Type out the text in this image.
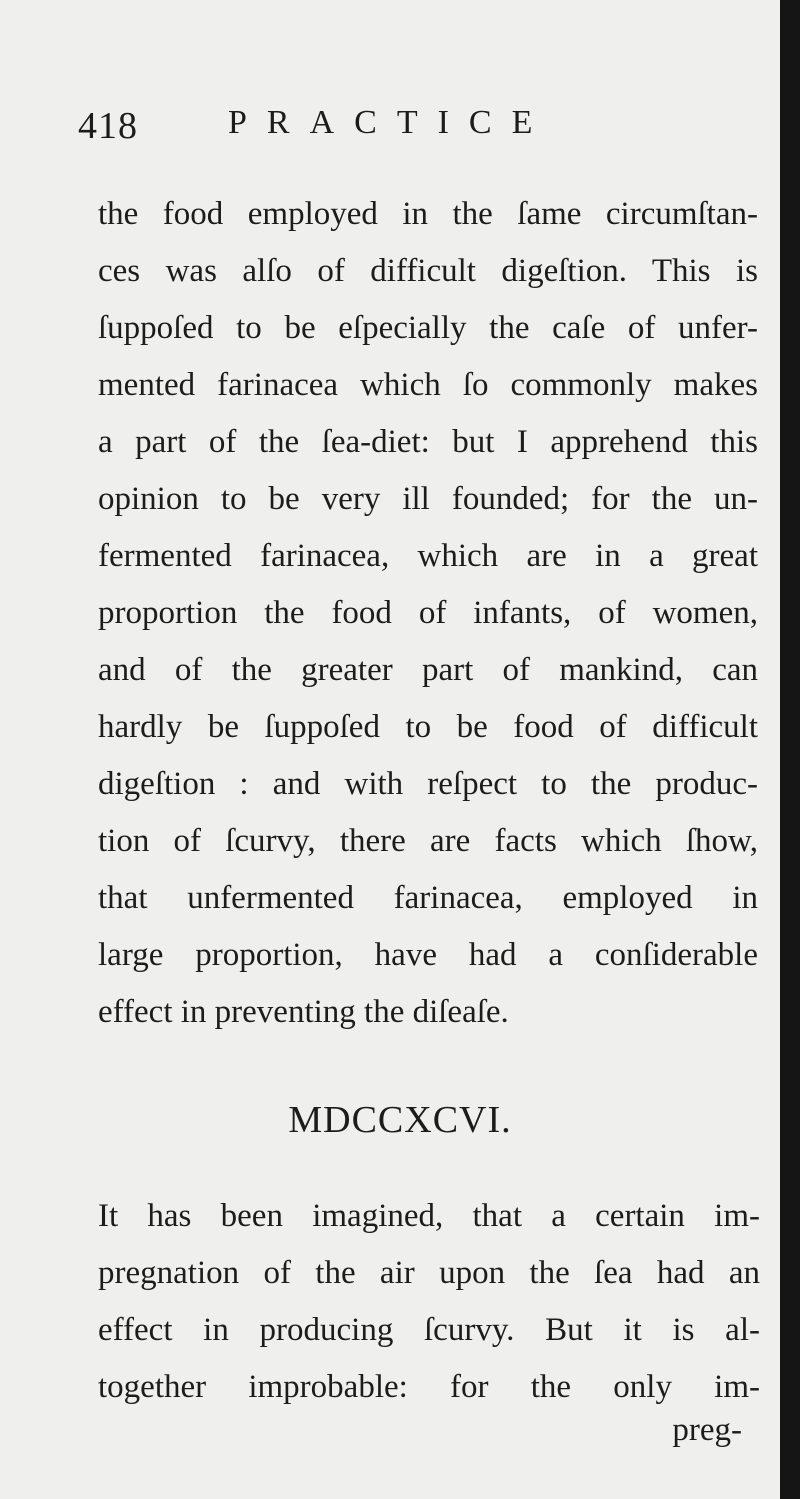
418	PRACTICE
the food employed in the ſame circumſtan-
ces was alſo of difficult digeſtion. This is
ſuppoſed to be eſpecially the caſe of unfer-
mented farinacea which ſo commonly makes
a part of the ſea-diet: but I apprehend this
opinion to be very ill founded; for the un-
fermented farinacea, which are in a great
proportion the food of infants, of women,
and of the greater part of mankind, can
hardly be ſuppoſed to be food of difficult
digeſtion : and with reſpect to the produc-
tion of ſcurvy, there are facts which ſhow,
that unfermented farinacea, employed in
large proportion, have had a conſiderable
effect in preventing the diſeaſe.
MDCCXCVI.
It has been imagined, that a certain im-
pregnation of the air upon the ſea had an
effect in producing ſcurvy. But it is al-
together improbable: for the only im-
preg-
